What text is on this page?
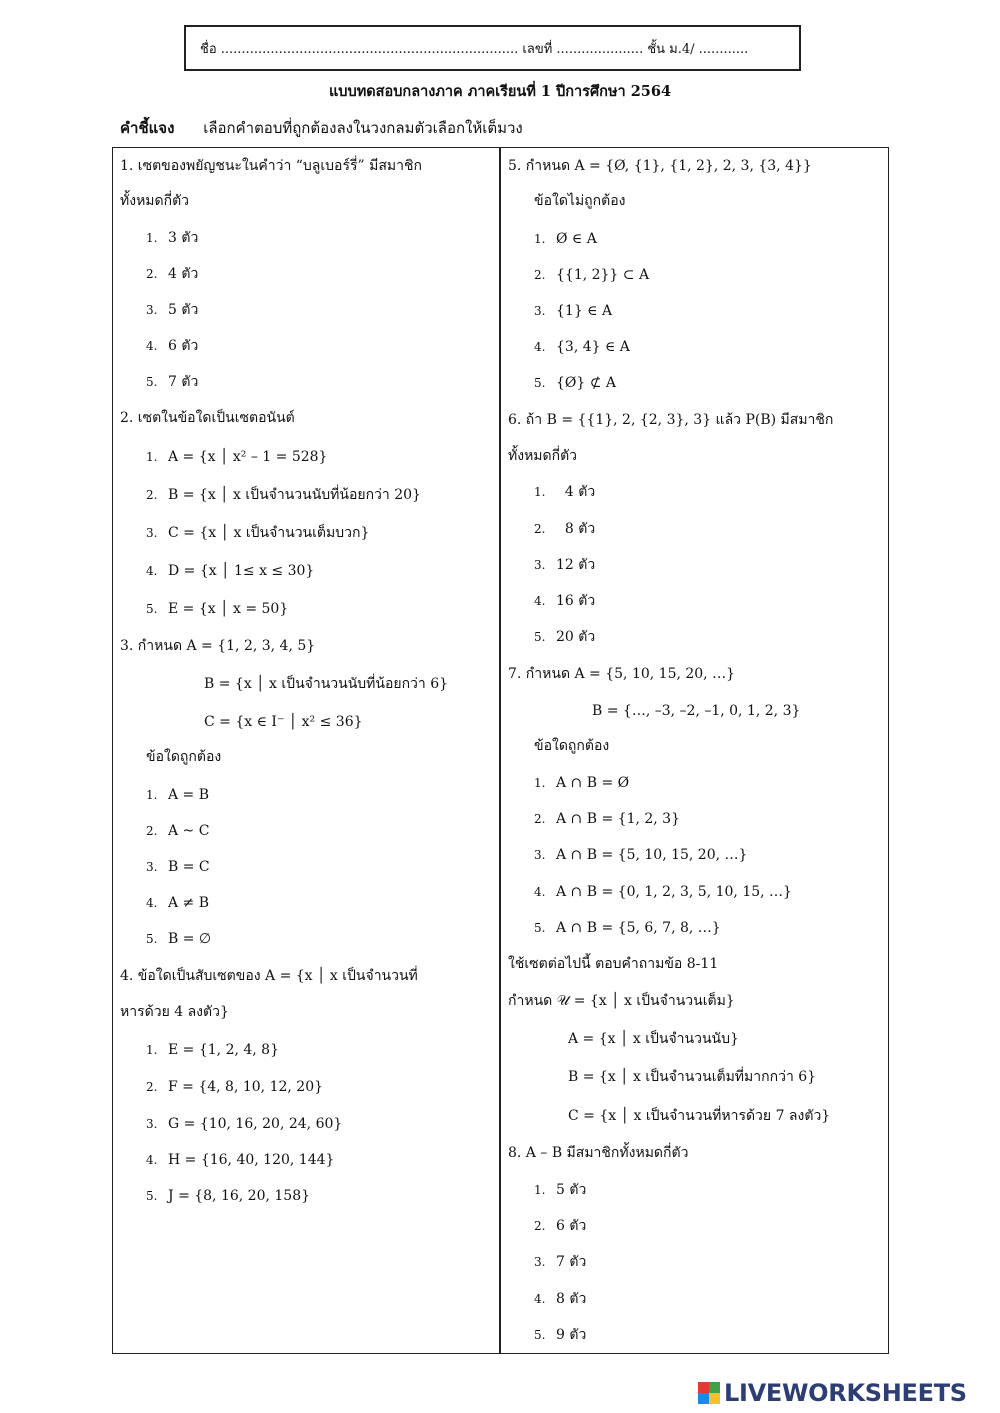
ชื่อ ........................................................................ เลขที่ ..................... ชั้น ม.4/ ............
แบบทดสอบกลางภาค ภาคเรียนที่ 1 ปีการศึกษา 2564
คำชี้แจง เลือกคำตอบที่ถูกต้องลงในวงกลมตัวเลือกให้เต็มวง
1. เซตของพยัญชนะในคำว่า “บลูเบอร์รี่” มีสมาชิก
ทั้งหมดกี่ตัว
1. 3 ตัว
2. 4 ตัว
3. 5 ตัว
4. 6 ตัว
5. 7 ตัว
2. เซตในข้อใดเป็นเซตอนันต์
1. A = {x │ x² – 1 = 528}
2. B = {x │ x เป็นจำนวนนับที่น้อยกว่า 20}
3. C = {x │ x เป็นจำนวนเต็มบวก}
4. D = {x │ 1≤ x ≤ 30}
5. E = {x │ x = 50}
3. กำหนด A = {1, 2, 3, 4, 5}
B = {x │ x เป็นจำนวนนับที่น้อยกว่า 6}
C = {x ∈ I⁻ │ x² ≤ 36}
ข้อใดถูกต้อง
1. A = B
2. A ~ C
3. B = C
4. A ≠ B
5. B = ∅
4. ข้อใดเป็นสับเซตของ A = {x │ x เป็นจำนวนที่
หารด้วย 4 ลงตัว}
1. E = {1, 2, 4, 8}
2. F = {4, 8, 10, 12, 20}
3. G = {10, 16, 20, 24, 60}
4. H = {16, 40, 120, 144}
5. J = {8, 16, 20, 158}
5. กำหนด A = {Ø, {1}, {1, 2}, 2, 3, {3, 4}}
ข้อใดไม่ถูกต้อง
1. Ø ∈ A
2. {{1, 2}} ⊂ A
3. {1} ∈ A
4. {3, 4} ∈ A
5. {Ø} ⊄ A
6. ถ้า B = {{1}, 2, {2, 3}, 3} แล้ว P(B) มีสมาชิก
ทั้งหมดกี่ตัว
1.  4 ตัว
2.  8 ตัว
3. 12 ตัว
4. 16 ตัว
5. 20 ตัว
7. กำหนด A = {5, 10, 15, 20, …}
B = {…, –3, –2, –1, 0, 1, 2, 3}
ข้อใดถูกต้อง
1. A ∩ B = Ø
2. A ∩ B = {1, 2, 3}
3. A ∩ B = {5, 10, 15, 20, …}
4. A ∩ B = {0, 1, 2, 3, 5, 10, 15, …}
5. A ∩ B = {5, 6, 7, 8, …}
ใช้เซตต่อไปนี้ ตอบคำถามข้อ 8-11
กำหนด 𝒰 = {x │ x เป็นจำนวนเต็ม}
A = {x │ x เป็นจำนวนนับ}
B = {x │ x เป็นจำนวนเต็มที่มากกว่า 6}
C = {x │ x เป็นจำนวนที่หารด้วย 7 ลงตัว}
8. A – B มีสมาชิกทั้งหมดกี่ตัว
1. 5 ตัว
2. 6 ตัว
3. 7 ตัว
4. 8 ตัว
5. 9 ตัว
LIVEWORKSHEETS
